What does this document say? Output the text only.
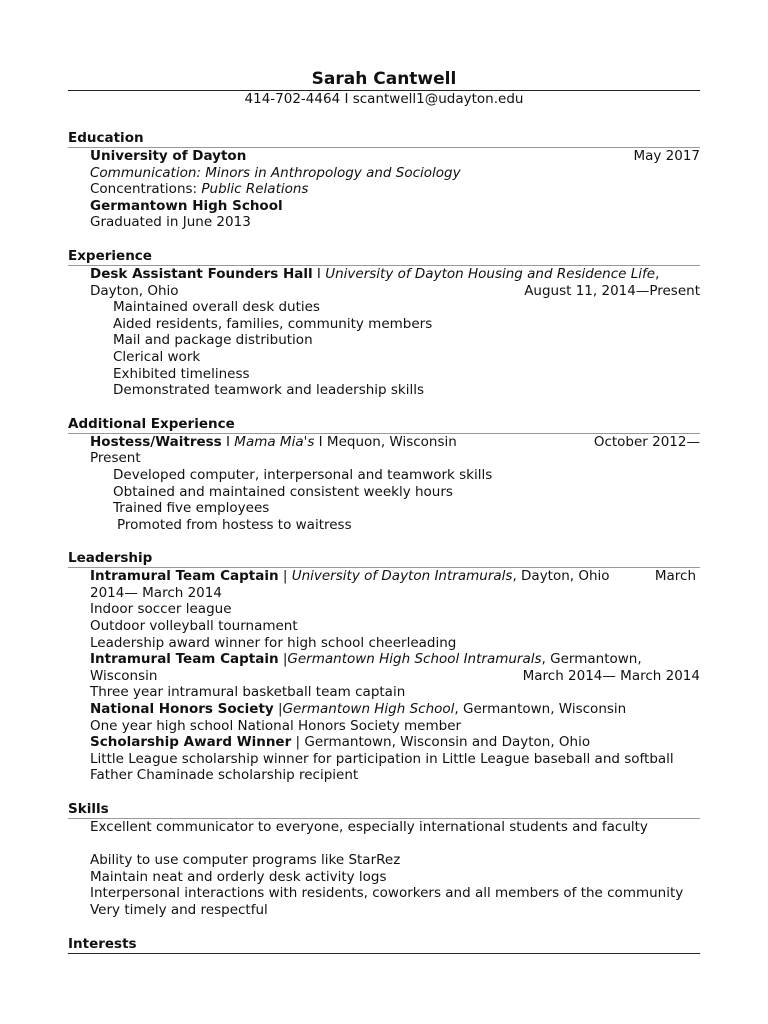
Sarah Cantwell
414-702-4464 I scantwell1@udayton.edu
Education
University of Dayton	May 2017
Communication: Minors in Anthropology and Sociology
Concentrations: Public Relations
Germantown High School
Graduated in June 2013
Experience
Desk Assistant Founders Hall I University of Dayton Housing and Residence Life,
Dayton, Ohio	August 11, 2014—Present
Maintained overall desk duties
Aided residents, families, community members
Mail and package distribution
Clerical work
Exhibited timeliness
Demonstrated teamwork and leadership skills
Additional Experience
Hostess/Waitress I Mama Mia's I Mequon, Wisconsin	October 2012—
Present
Developed computer, interpersonal and teamwork skills
Obtained and maintained consistent weekly hours
Trained five employees
Promoted from hostess to waitress
Leadership
Intramural Team Captain | University of Dayton Intramurals, Dayton, Ohio	March
2014— March 2014
Indoor soccer league
Outdoor volleyball tournament
Leadership award winner for high school cheerleading
Intramural Team Captain |Germantown High School Intramurals, Germantown,
Wisconsin	March 2014— March 2014
Three year intramural basketball team captain
National Honors Society |Germantown High School, Germantown, Wisconsin
One year high school National Honors Society member
Scholarship Award Winner | Germantown, Wisconsin and Dayton, Ohio
Little League scholarship winner for participation in Little League baseball and softball
Father Chaminade scholarship recipient
Skills
Excellent communicator to everyone, especially international students and faculty
Ability to use computer programs like StarRez
Maintain neat and orderly desk activity logs
Interpersonal interactions with residents, coworkers and all members of the community
Very timely and respectful
Interests
